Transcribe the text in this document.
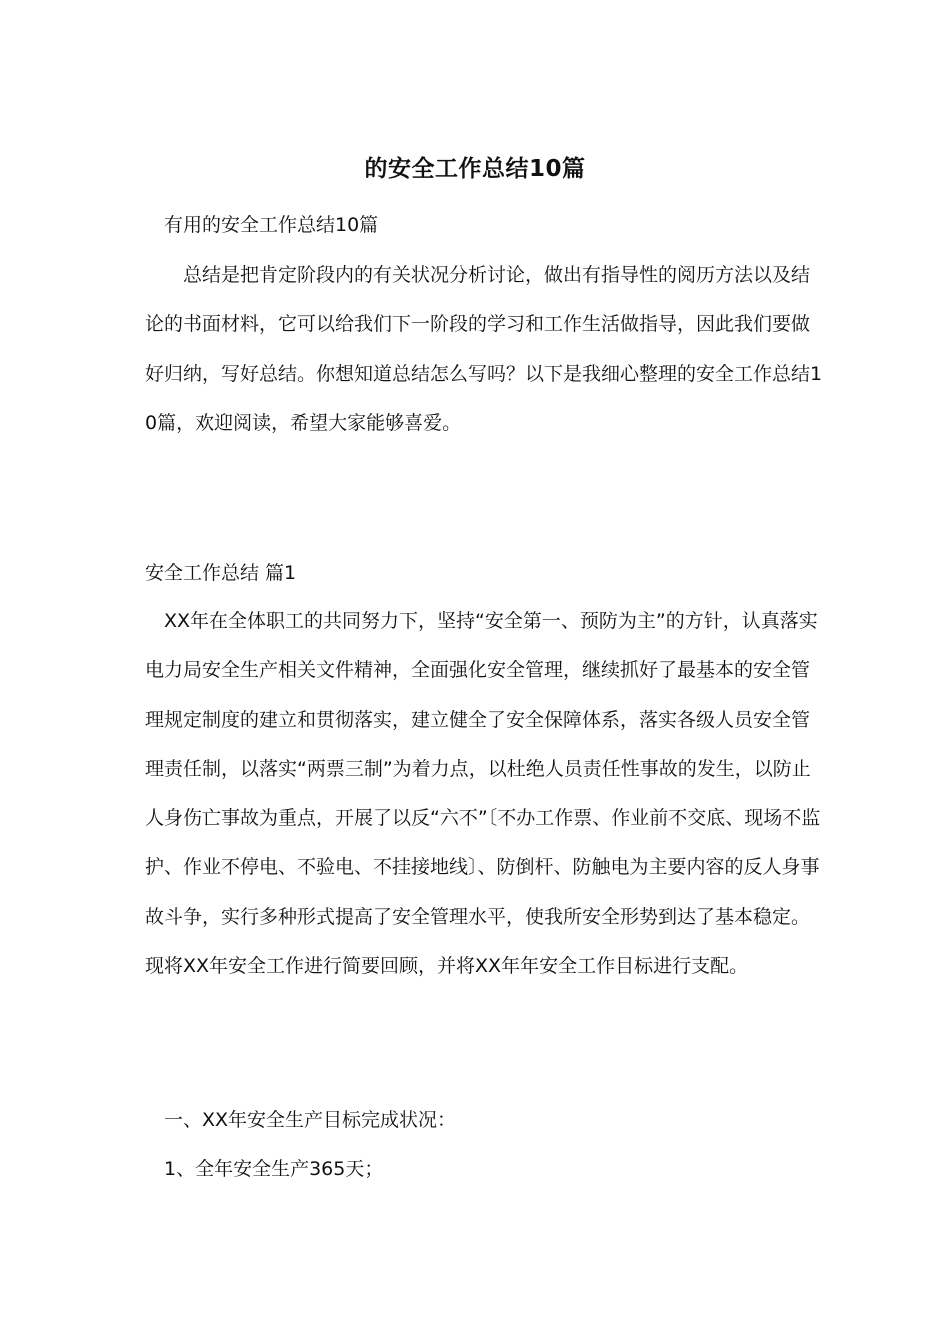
的安全工作总结10篇
有用的安全工作总结10篇

总结是把肯定阶段内的有关状况分析讨论，做出有指导性的阅历方法以及结论的书面材料，它可以给我们下一阶段的学习和工作生活做指导，因此我们要做好归纳，写好总结。你想知道总结怎么写吗？以下是我细心整理的安全工作总结10篇，欢迎阅读，希望大家能够喜爱。

安全工作总结 篇1

XX年在全体职工的共同努力下，坚持“安全第一、预防为主”的方针，认真落实电力局安全生产相关文件精神，全面强化安全管理，继续抓好了最基本的安全管理规定制度的建立和贯彻落实，建立健全了安全保障体系，落实各级人员安全管理责任制，以落实“两票三制”为着力点，以杜绝人员责任性事故的发生，以防止人身伤亡事故为重点，开展了以反“六不”〔不办工作票、作业前不交底、现场不监护、作业不停电、不验电、不挂接地线〕、防倒杆、防触电为主要内容的反人身事故斗争，实行多种形式提高了安全管理水平，使我所安全形势到达了基本稳定。现将XX年安全工作进行简要回顾，并将XX年年安全工作目标进行支配。

一、XX年安全生产目标完成状况：
1、全年安全生产365天；
